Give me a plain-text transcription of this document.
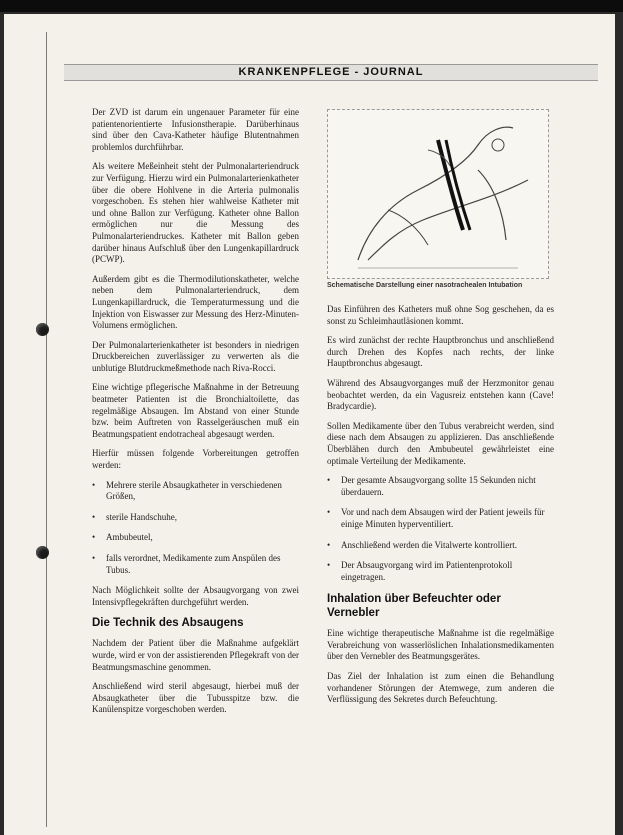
KRANKENPFLEGE - JOURNAL

Der ZVD ist darum ein ungenauer Parameter für eine patientenorientierte Infusionstherapie. Darüberhinaus sind über den Cava-Katheter häufige Blutentnahmen problemlos durchführbar.

Als weitere Meßeinheit steht der Pulmonalarteriendruck zur Verfügung. Hierzu wird ein Pulmonalarterienkatheter über die obere Hohlvene in die Arteria pulmonalis vorgeschoben. Es stehen hier wahlweise Katheter mit und ohne Ballon zur Verfügung. Katheter ohne Ballon ermöglichen nur die Messung des Pulmonalarteriendruckes. Katheter mit Ballon geben darüber hinaus Aufschluß über den Lungenkapillardruck (PCWP).

Außerdem gibt es die Thermodilutionskatheter, welche neben dem Pulmonalarteriendruck, dem Lungenkapillardruck, die Temperaturmessung und die Injektion von Eiswasser zur Messung des Herz-Minuten-Volumens ermöglichen.

Der Pulmonalarterienkatheter ist besonders in niedrigen Druckbereichen zuverlässiger zu verwerten als die unblutige Blutdruckmeßmethode nach Riva-Rocci.

Eine wichtige pflegerische Maßnahme in der Betreuung beatmeter Patienten ist die Bronchialtoilette, das regelmäßige Absaugen. Im Abstand von einer Stunde bzw. beim Auftreten von Rasselgeräuschen muß ein Beatmungspatient endotracheal abgesaugt werden.

Hierfür müssen folgende Vorbereitungen getroffen werden:

• Mehrere sterile Absaugkatheter in verschiedenen Größen,
• sterile Handschuhe,
• Ambubeutel,
• falls verordnet, Medikamente zum Anspülen des Tubus.

Nach Möglichkeit sollte der Absaugvorgang von zwei Intensivpflegekräften durchgeführt werden.

Die Technik des Absaugens

Nachdem der Patient über die Maßnahme aufgeklärt wurde, wird er von der assistierenden Pflegekraft von der Beatmungsmaschine genommen.

Anschließend wird steril abgesaugt, hierbei muß der Absaugkatheter über die Tubusspitze bzw. die Kanülenspitze vorgeschoben werden.

Schematische Darstellung einer nasotrachealen Intubation

Das Einführen des Katheters muß ohne Sog geschehen, da es sonst zu Schleimhautläsionen kommt.

Es wird zunächst der rechte Hauptbronchus und anschließend durch Drehen des Kopfes nach rechts, der linke Hauptbronchus abgesaugt.

Während des Absaugvorganges muß der Herzmonitor genau beobachtet werden, da ein Vagusreiz entstehen kann (Cave! Bradycardie).

Sollen Medikamente über den Tubus verabreicht werden, sind diese nach dem Absaugen zu applizieren. Das anschließende Überblähen durch den Ambubeutel gewährleistet eine optimale Verteilung der Medikamente.

• Der gesamte Absaugvorgang sollte 15 Sekunden nicht überdauern.
• Vor und nach dem Absaugen wird der Patient jeweils für einige Minuten hyperventiliert.
• Anschließend werden die Vitalwerte kontrolliert.
• Der Absaugvorgang wird im Patientenprotokoll eingetragen.
Inhalation über Befeuchter oder Vernebler

Eine wichtige therapeutische Maßnahme ist die regelmäßige Verabreichung von wasserlöslichen Inhalationsmedikamenten über den Vernebler des Beatmungsgerätes.

Das Ziel der Inhalation ist zum einen die Behandlung vorhandener Störungen der Atemwege, zum anderen die Verflüssigung des Sekretes durch Befeuchtung.
